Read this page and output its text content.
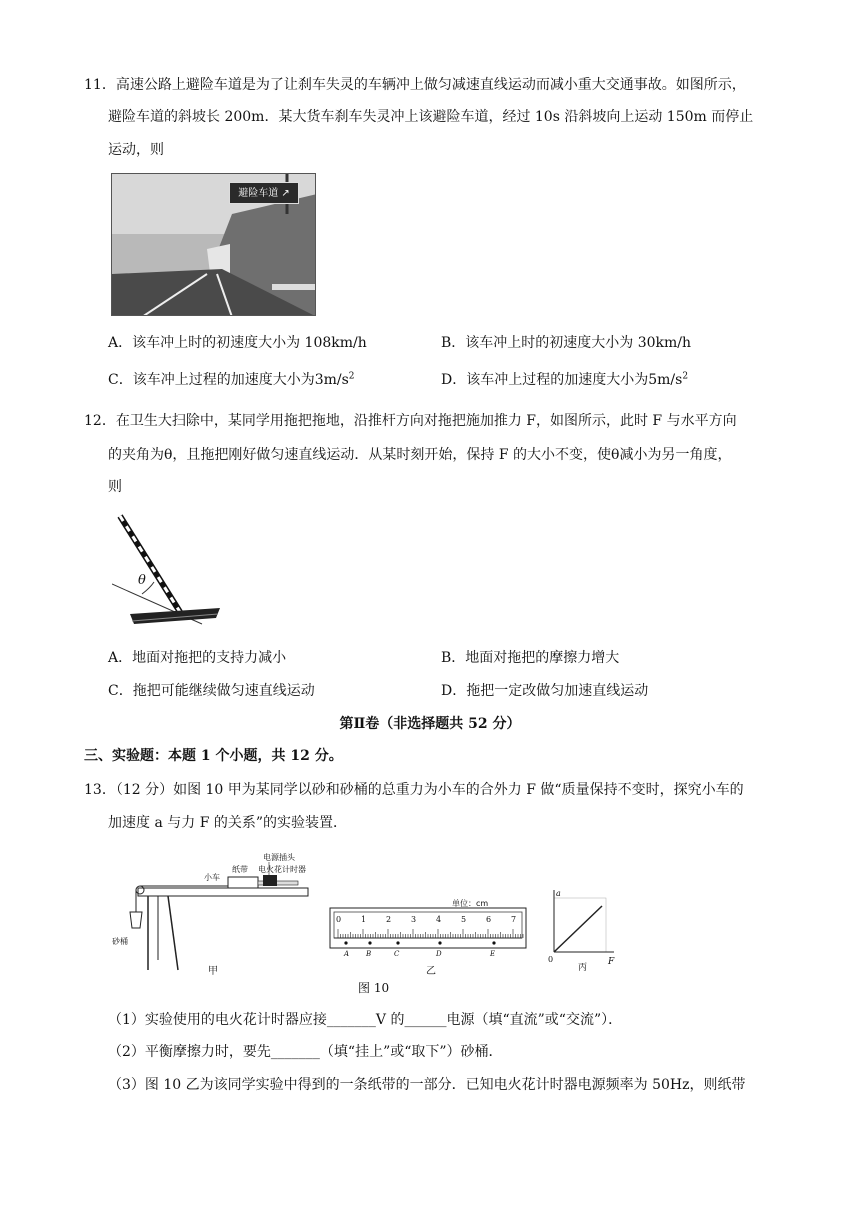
11．高速公路上避险车道是为了让刹车失灵的车辆冲上做匀减速直线运动而减小重大交通事故。如图所示，
避险车道的斜坡长 200m．某大货车刹车失灵冲上该避险车道，经过 10s 沿斜坡向上运动 150m 而停止
运动，则
避险车道 ↗
A．该车冲上时的初速度大小为 108km/h	B．该车冲上时的初速度大小为 30km/h
C．该车冲上过程的加速度大小为$3m/s^2$	D．该车冲上过程的加速度大小为$5m/s^2$
12．在卫生大扫除中，某同学用拖把拖地，沿推杆方向对拖把施加推力 F，如图所示，此时 F 与水平方向
的夹角为θ，且拖把刚好做匀速直线运动．从某时刻开始，保持 F 的大小不变，使θ减小为另一角度，
则
θ
A．地面对拖把的支持力减小	B．地面对拖把的摩擦力增大
C．拖把可能继续做匀速直线运动	D．拖把一定改做匀加速直线运动
第Ⅱ卷（非选择题共 52 分）
三、实验题：本题 1 个小题，共 12 分。
13．（12 分）如图 10 甲为某同学以砂和砂桶的总重力为小车的合外力 F 做“质量保持不变时，探究小车的
加速度 a 与力 F 的关系”的实验装置．
电源插头
小车
纸带 电火花计时器
砂桶
甲
0 1 2 3 4 5 6 7
单位：cm
A B	C	D	E
乙
a
F
0
丙
图 10
（1）实验使用的电火花计时器应接_______V 的______电源（填“直流”或“交流”）．
（2）平衡摩擦力时，要先_______（填“挂上”或“取下”）砂桶．
（3）图 10 乙为该同学实验中得到的一条纸带的一部分．已知电火花计时器电源频率为 50Hz，则纸带
